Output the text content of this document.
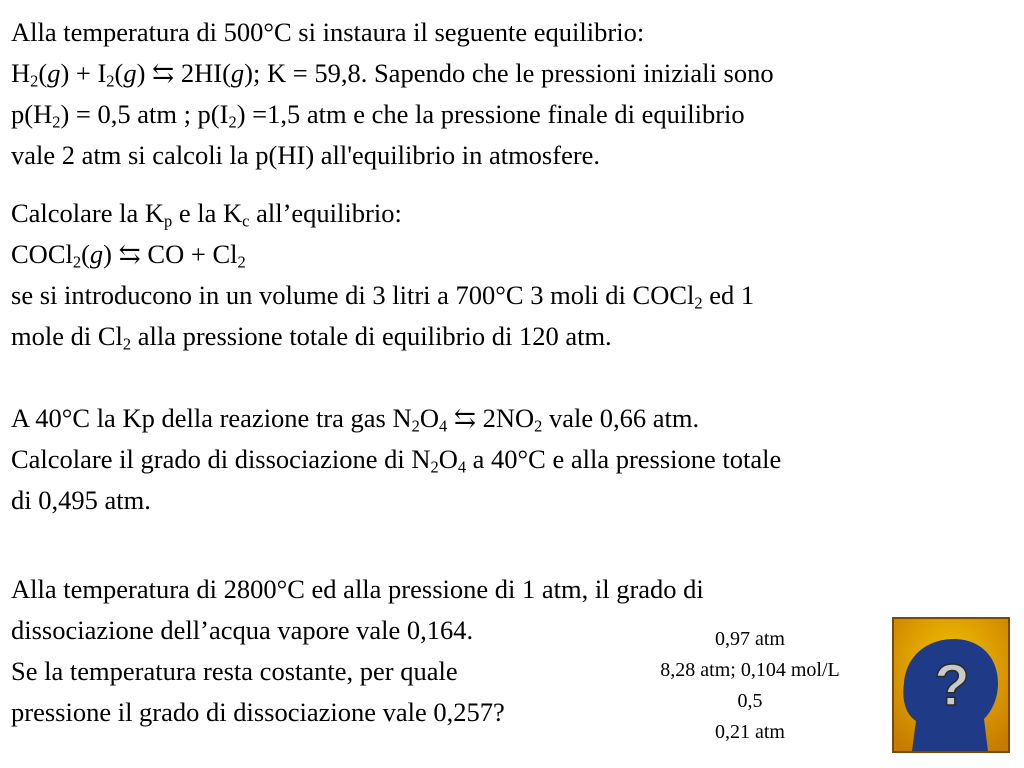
Alla temperatura di 500°C si instaura il seguente equilibrio:
$H_2(g) + I_2(g)$ ⇆ 2HI(g); K = 59,8. Sapendo che le pressioni iniziali sono
$p(H_2) = 0,5$ atm ; $p(I_2) =1,5$ atm e che la pressione finale di equilibrio
vale 2 atm si calcoli la p(HI) all'equilibrio in atmosfere.
Calcolare la $K_p$ e la $K_c$ all’equilibrio:
COCl$_2$(g) ⇆ CO + $Cl_2$
se si introducono in un volume di 3 litri a 700°C 3 moli di COCl$_2$ ed 1
mole di $Cl_2$ alla pressione totale di equilibrio di 120 atm.
A 40°C la Kp della reazione tra gas $N_2O_4$ ⇆ $2NO_2$ vale 0,66 atm.
Calcolare il grado di dissociazione di $N_2O_4$ a 40°C e alla pressione totale
di 0,495 atm.
Alla temperatura di 2800°C ed alla pressione di 1 atm, il grado di
dissociazione dell’acqua vapore vale 0,164.
Se la temperatura resta costante, per quale
pressione il grado di dissociazione vale 0,257?
0,97 atm
8,28 atm; 0,104 mol/L
0,5
0,21 atm
?
